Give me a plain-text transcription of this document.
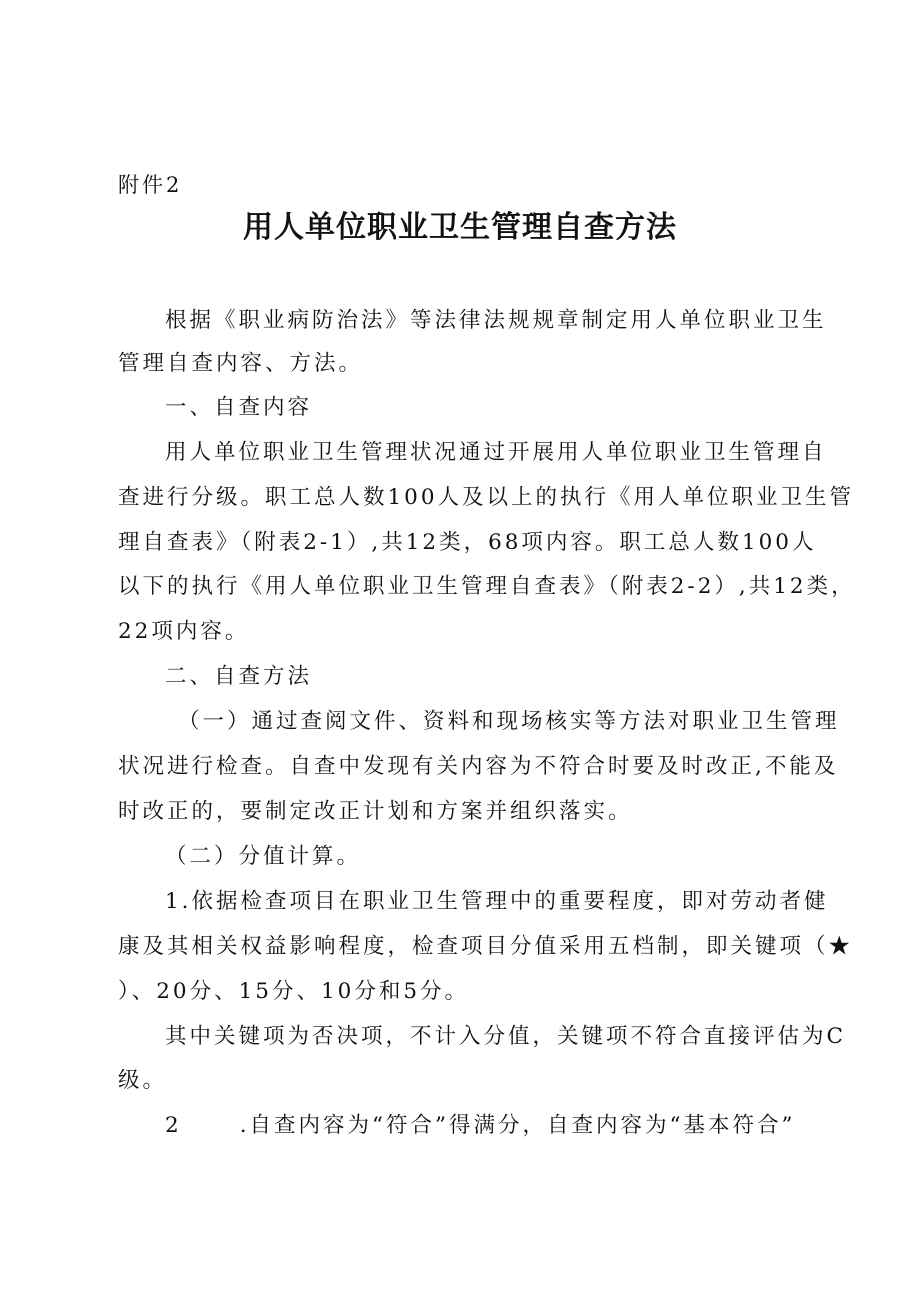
附件2
用人单位职业卫生管理自查方法
根据《职业病防治法》等法律法规规章制定用人单位职业卫生
管理自查内容、方法。
一、自查内容
用人单位职业卫生管理状况通过开展用人单位职业卫生管理自
查进行分级。职工总人数100人及以上的执行《用人单位职业卫生管
理自查表》（附表2-1）,共12类，68项内容。职工总人数100人
以下的执行《用人单位职业卫生管理自查表》（附表2-2）,共12类，
22项内容。
二、自查方法
（一）通过查阅文件、资料和现场核实等方法对职业卫生管理
状况进行检查。自查中发现有关内容为不符合时要及时改正,不能及
时改正的，要制定改正计划和方案并组织落实。
（二）分值计算。
1.依据检查项目在职业卫生管理中的重要程度，即对劳动者健
康及其相关权益影响程度，检查项目分值采用五档制，即关键项（★
）、20分、15分、10分和5分。
其中关键项为否决项，不计入分值，关键项不符合直接评估为C
级。
2	.自查内容为“符合”得满分，自查内容为“基本符合”
